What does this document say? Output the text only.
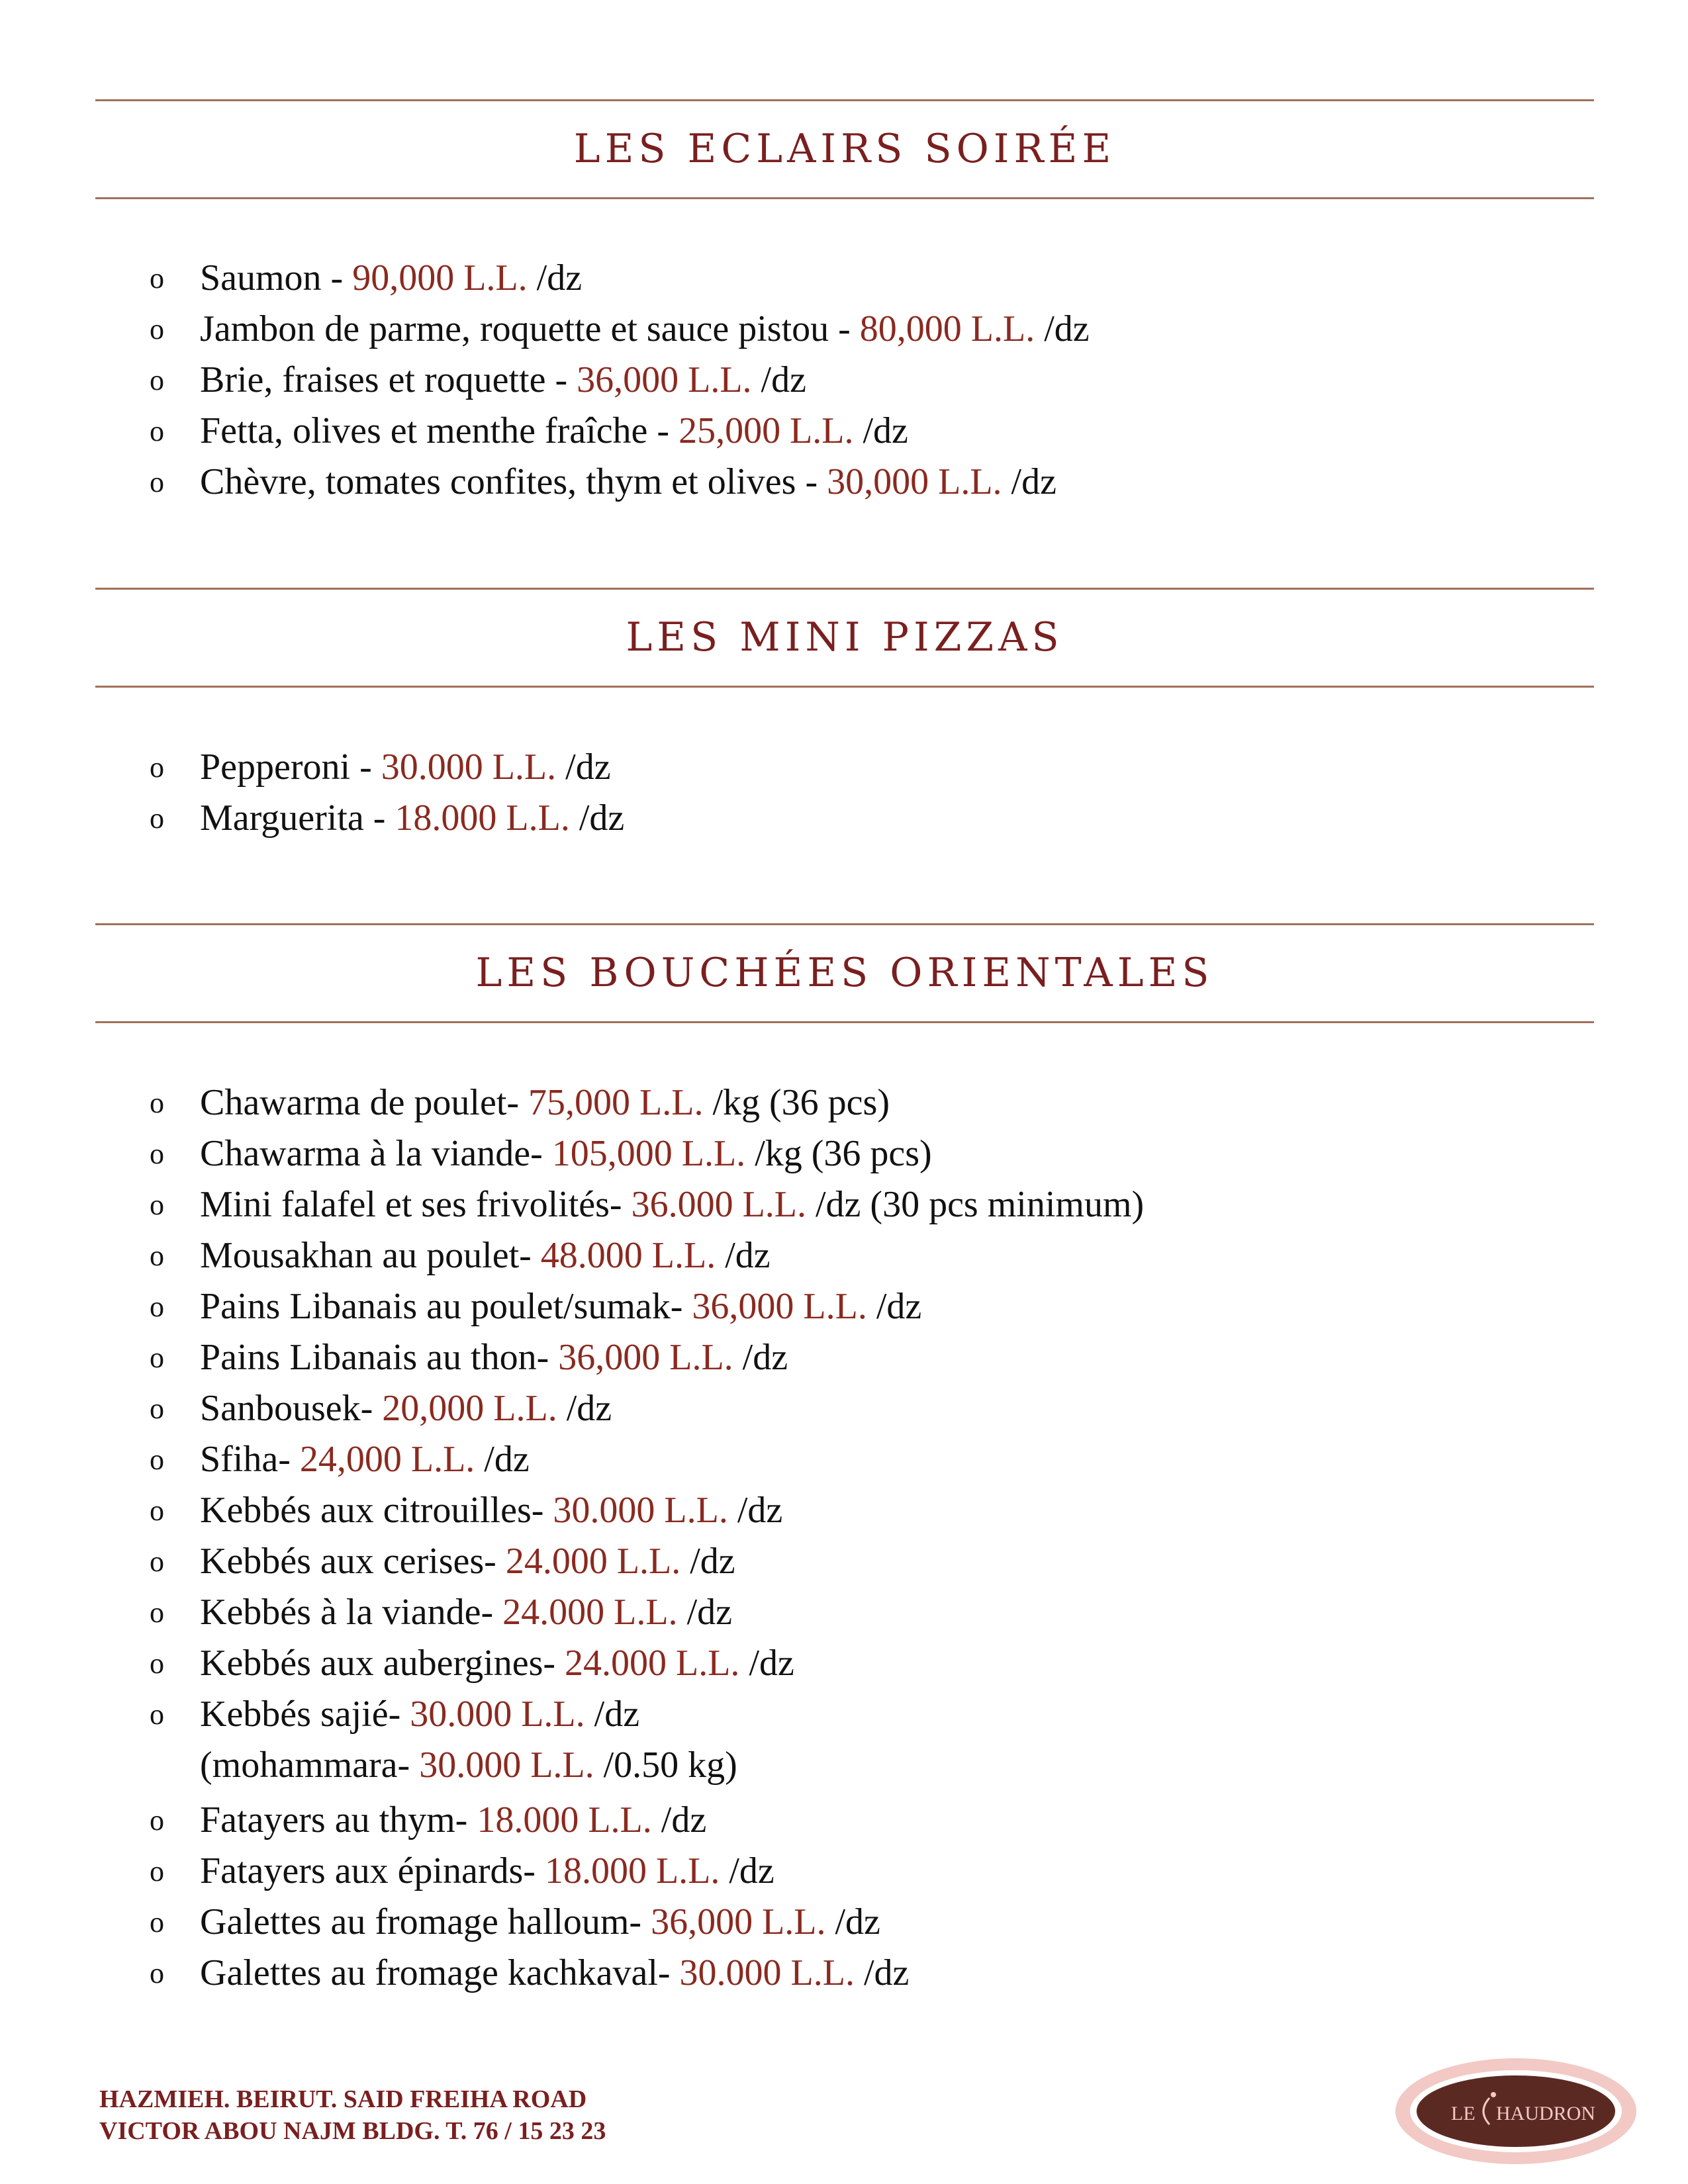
LES ECLAIRS SOIRÉE
o Saumon - 90,000 L.L. /dz
o Jambon de parme, roquette et sauce pistou - 80,000 L.L. /dz
o Brie, fraises et roquette - 36,000 L.L. /dz
o Fetta, olives et menthe fraîche - 25,000 L.L. /dz
o Chèvre, tomates confites, thym et olives - 30,000 L.L. /dz
LES MINI PIZZAS
o Pepperoni - 30.000 L.L. /dz
o Marguerita - 18.000 L.L. /dz
LES BOUCHÉES ORIENTALES
o Chawarma de poulet- 75,000 L.L. /kg (36 pcs)
o Chawarma à la viande- 105,000 L.L. /kg (36 pcs)
o Mini falafel et ses frivolités- 36.000 L.L. /dz (30 pcs minimum)
o Mousakhan au poulet- 48.000 L.L. /dz
o Pains Libanais au poulet/sumak- 36,000 L.L. /dz
o Pains Libanais au thon- 36,000 L.L. /dz
o Sanbousek- 20,000 L.L. /dz
o Sfiha- 24,000 L.L. /dz
o Kebbés aux citrouilles- 30.000 L.L. /dz
o Kebbés aux cerises- 24.000 L.L. /dz
o Kebbés à la viande- 24.000 L.L. /dz
o Kebbés aux aubergines- 24.000 L.L. /dz
o Kebbés sajié- 30.000 L.L. /dz
(mohammara- 30.000 L.L. /0.50 kg)
o Fatayers au thym- 18.000 L.L. /dz
o Fatayers aux épinards- 18.000 L.L. /dz
o Galettes au fromage halloum- 36,000 L.L. /dz
o Galettes au fromage kachkaval- 30.000 L.L. /dz
HAZMIEH. BEIRUT. SAID FREIHA ROAD
VICTOR ABOU NAJM BLDG. T. 76 / 15 23 23
LE HAUDRON
